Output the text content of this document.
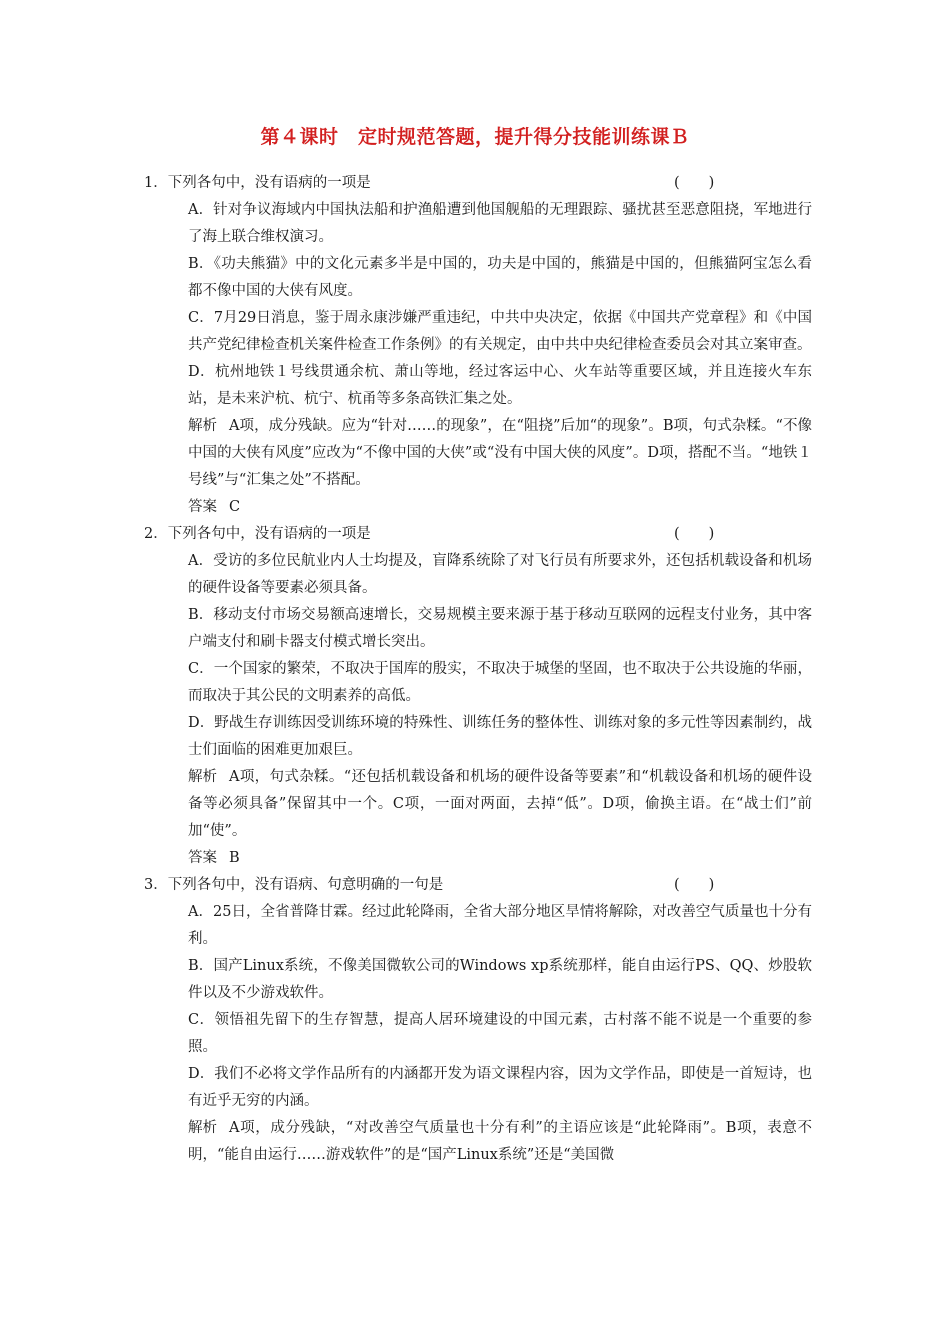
第４课时　定时规范答题，提升得分技能训练课Ｂ
1．下列各句中，没有语病的一项是	(　　)
A．针对争议海域内中国执法船和护渔船遭到他国舰船的无理跟踪、骚扰甚至恶意阻挠，军地进行了海上联合维权演习。
B．《功夫熊猫》中的文化元素多半是中国的，功夫是中国的，熊猫是中国的，但熊猫阿宝怎么看都不像中国的大侠有风度。
C．7月29日消息，鉴于周永康涉嫌严重违纪，中共中央决定，依据《中国共产党章程》和《中国共产党纪律检查机关案件检查工作条例》的有关规定，由中共中央纪律检查委员会对其立案审查。
D．杭州地铁１号线贯通余杭、萧山等地，经过客运中心、火车站等重要区域，并且连接火车东站，是未来沪杭、杭宁、杭甬等多条高铁汇集之处。
解析 A项，成分残缺。应为“针对……的现象”，在“阻挠”后加“的现象”。B项，句式杂糅。“不像中国的大侠有风度”应改为“不像中国的大侠”或“没有中国大侠的风度”。D项，搭配不当。“地铁１号线”与“汇集之处”不搭配。
答案 C
2．下列各句中，没有语病的一项是	(　　)
A．受访的多位民航业内人士均提及，盲降系统除了对飞行员有所要求外，还包括机载设备和机场的硬件设备等要素必须具备。
B．移动支付市场交易额高速增长，交易规模主要来源于基于移动互联网的远程支付业务，其中客户端支付和刷卡器支付模式增长突出。
C．一个国家的繁荣，不取决于国库的殷实，不取决于城堡的坚固，也不取决于公共设施的华丽，而取决于其公民的文明素养的高低。
D．野战生存训练因受训练环境的特殊性、训练任务的整体性、训练对象的多元性等因素制约，战士们面临的困难更加艰巨。
解析 A项，句式杂糅。“还包括机载设备和机场的硬件设备等要素”和“机载设备和机场的硬件设备等必须具备”保留其中一个。C项，一面对两面，去掉“低”。D项，偷换主语。在“战士们”前加“使”。
答案 B
3．下列各句中，没有语病、句意明确的一句是	(　　)
A．25日，全省普降甘霖。经过此轮降雨，全省大部分地区旱情将解除，对改善空气质量也十分有利。
B．国产Linux系统，不像美国微软公司的Windows xp系统那样，能自由运行PS、QQ、炒股软件以及不少游戏软件。
C．领悟祖先留下的生存智慧，提高人居环境建设的中国元素，古村落不能不说是一个重要的参照。
D．我们不必将文学作品所有的内涵都开发为语文课程内容，因为文学作品，即使是一首短诗，也有近乎无穷的内涵。
解析 A项，成分残缺，“对改善空气质量也十分有利”的主语应该是“此轮降雨”。B项，表意不明，“能自由运行……游戏软件”的是“国产Linux系统”还是“美国微
